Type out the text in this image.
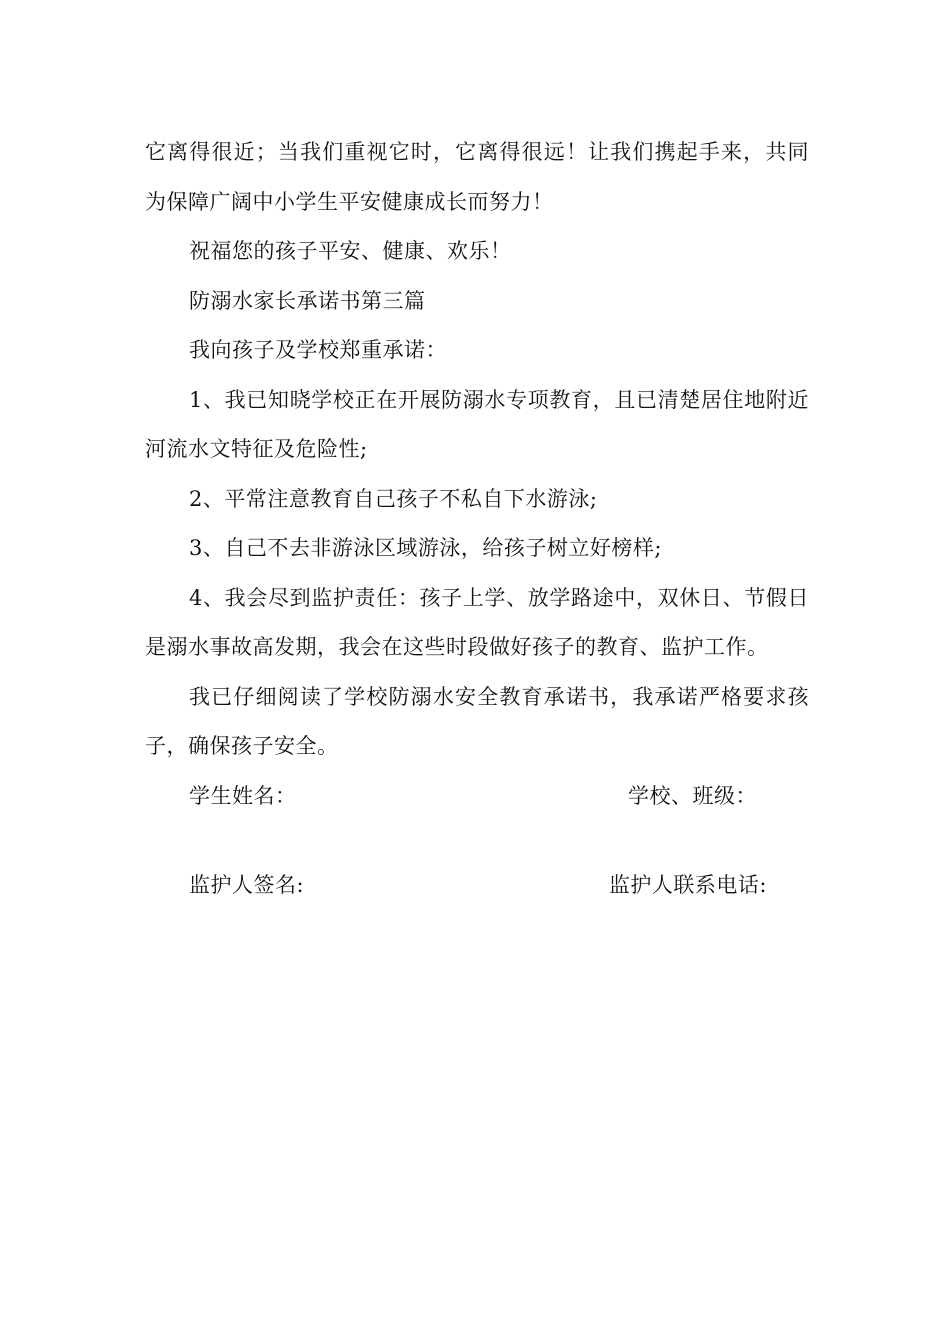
它离得很近；当我们重视它时，它离得很远！让我们携起手来，共同为保障广阔中小学生平安健康成长而努力！

祝福您的孩子平安、健康、欢乐！

防溺水家长承诺书第三篇

我向孩子及学校郑重承诺：

1、我已知晓学校正在开展防溺水专项教育，且已清楚居住地附近河流水文特征及危险性;

2、平常注意教育自己孩子不私自下水游泳;

3、自己不去非游泳区域游泳，给孩子树立好榜样;

4、我会尽到监护责任：孩子上学、放学路途中，双休日、节假日是溺水事故高发期，我会在这些时段做好孩子的教育、监护工作。

我已仔细阅读了学校防溺水安全教育承诺书，我承诺严格要求孩子，确保孩子安全。

学生姓名：	学校、班级：
监护人签名:	监护人联系电话:
